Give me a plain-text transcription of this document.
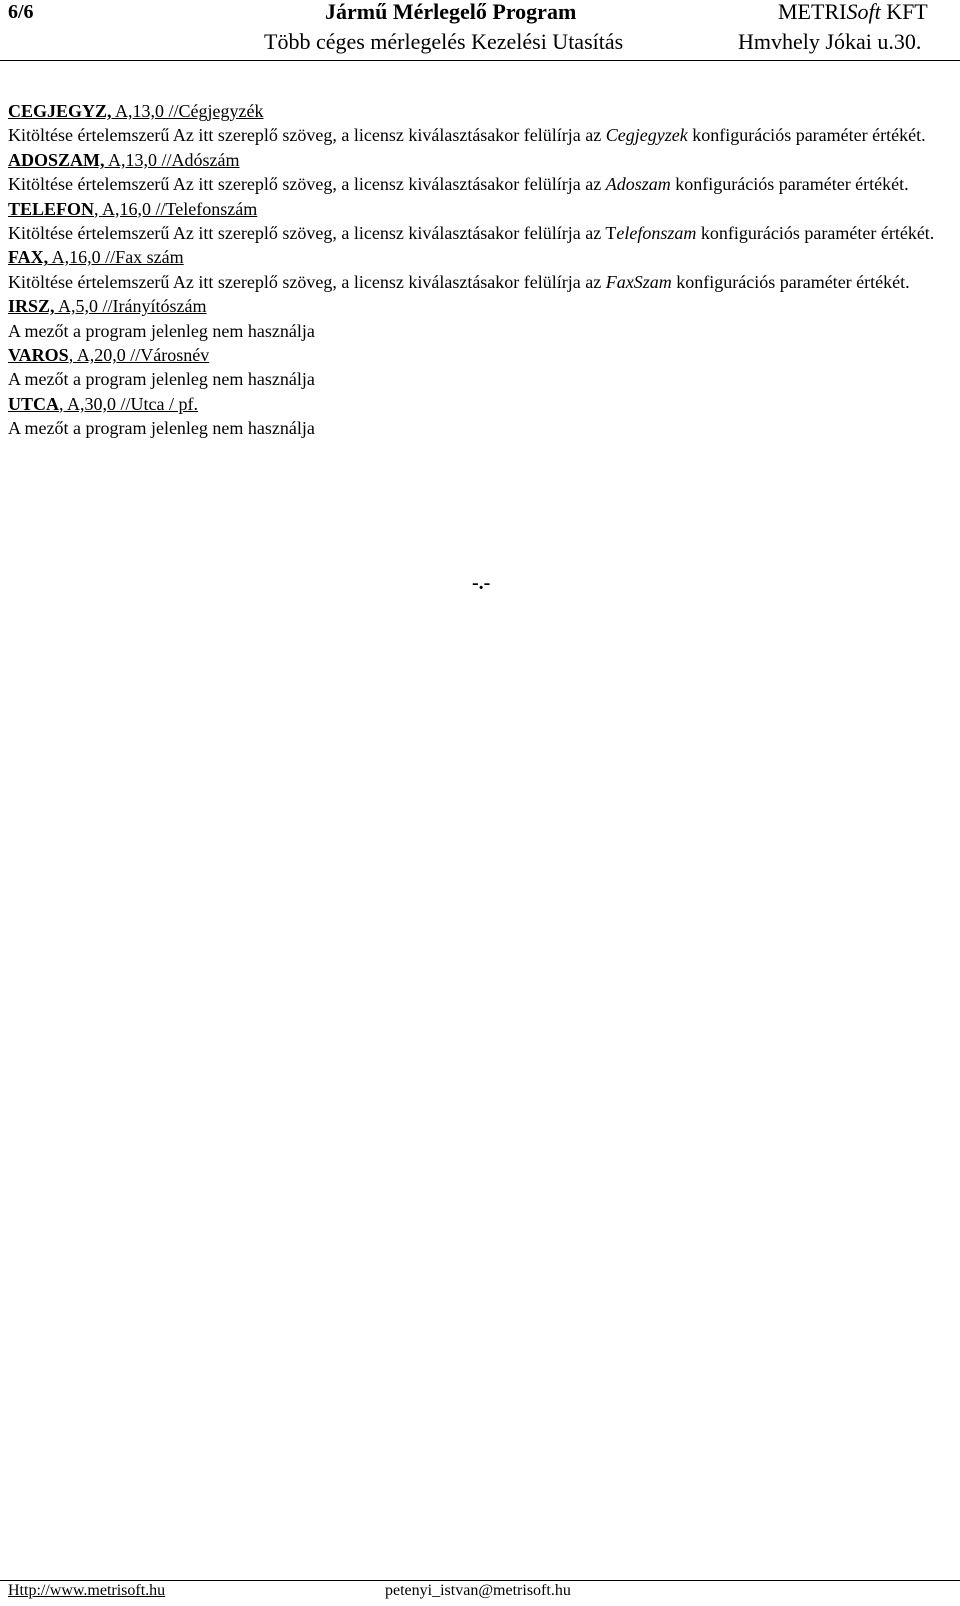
6/6	Jármű Mérlegelő Program	METRISoft KFT
Több céges mérlegelés Kezelési Utasítás	Hmvhely Jókai u.30.
CEGJEGYZ, A,13,0 //Cégjegyzék
Kitöltése értelemszerű Az itt szereplő szöveg, a licensz kiválasztásakor felülírja az Cegjegyzek konfigurációs paraméter értékét.
ADOSZAM, A,13,0 //Adószám
Kitöltése értelemszerű Az itt szereplő szöveg, a licensz kiválasztásakor felülírja az Adoszam konfigurációs paraméter értékét.
TELEFON, A,16,0 //Telefonszám
Kitöltése értelemszerű Az itt szereplő szöveg, a licensz kiválasztásakor felülírja az Telefonszam konfigurációs paraméter értékét.
FAX, A,16,0 //Fax szám
Kitöltése értelemszerű Az itt szereplő szöveg, a licensz kiválasztásakor felülírja az FaxSzam konfigurációs paraméter értékét.
IRSZ, A,5,0 //Irányítószám
A mezőt a program jelenleg nem használja
VAROS, A,20,0 //Városnév
A mezőt a program jelenleg nem használja
UTCA, A,30,0 //Utca / pf.
A mezőt a program jelenleg nem használja
-.-
Http://www.metrisoft.hu	petenyi_istvan@metrisoft.hu
